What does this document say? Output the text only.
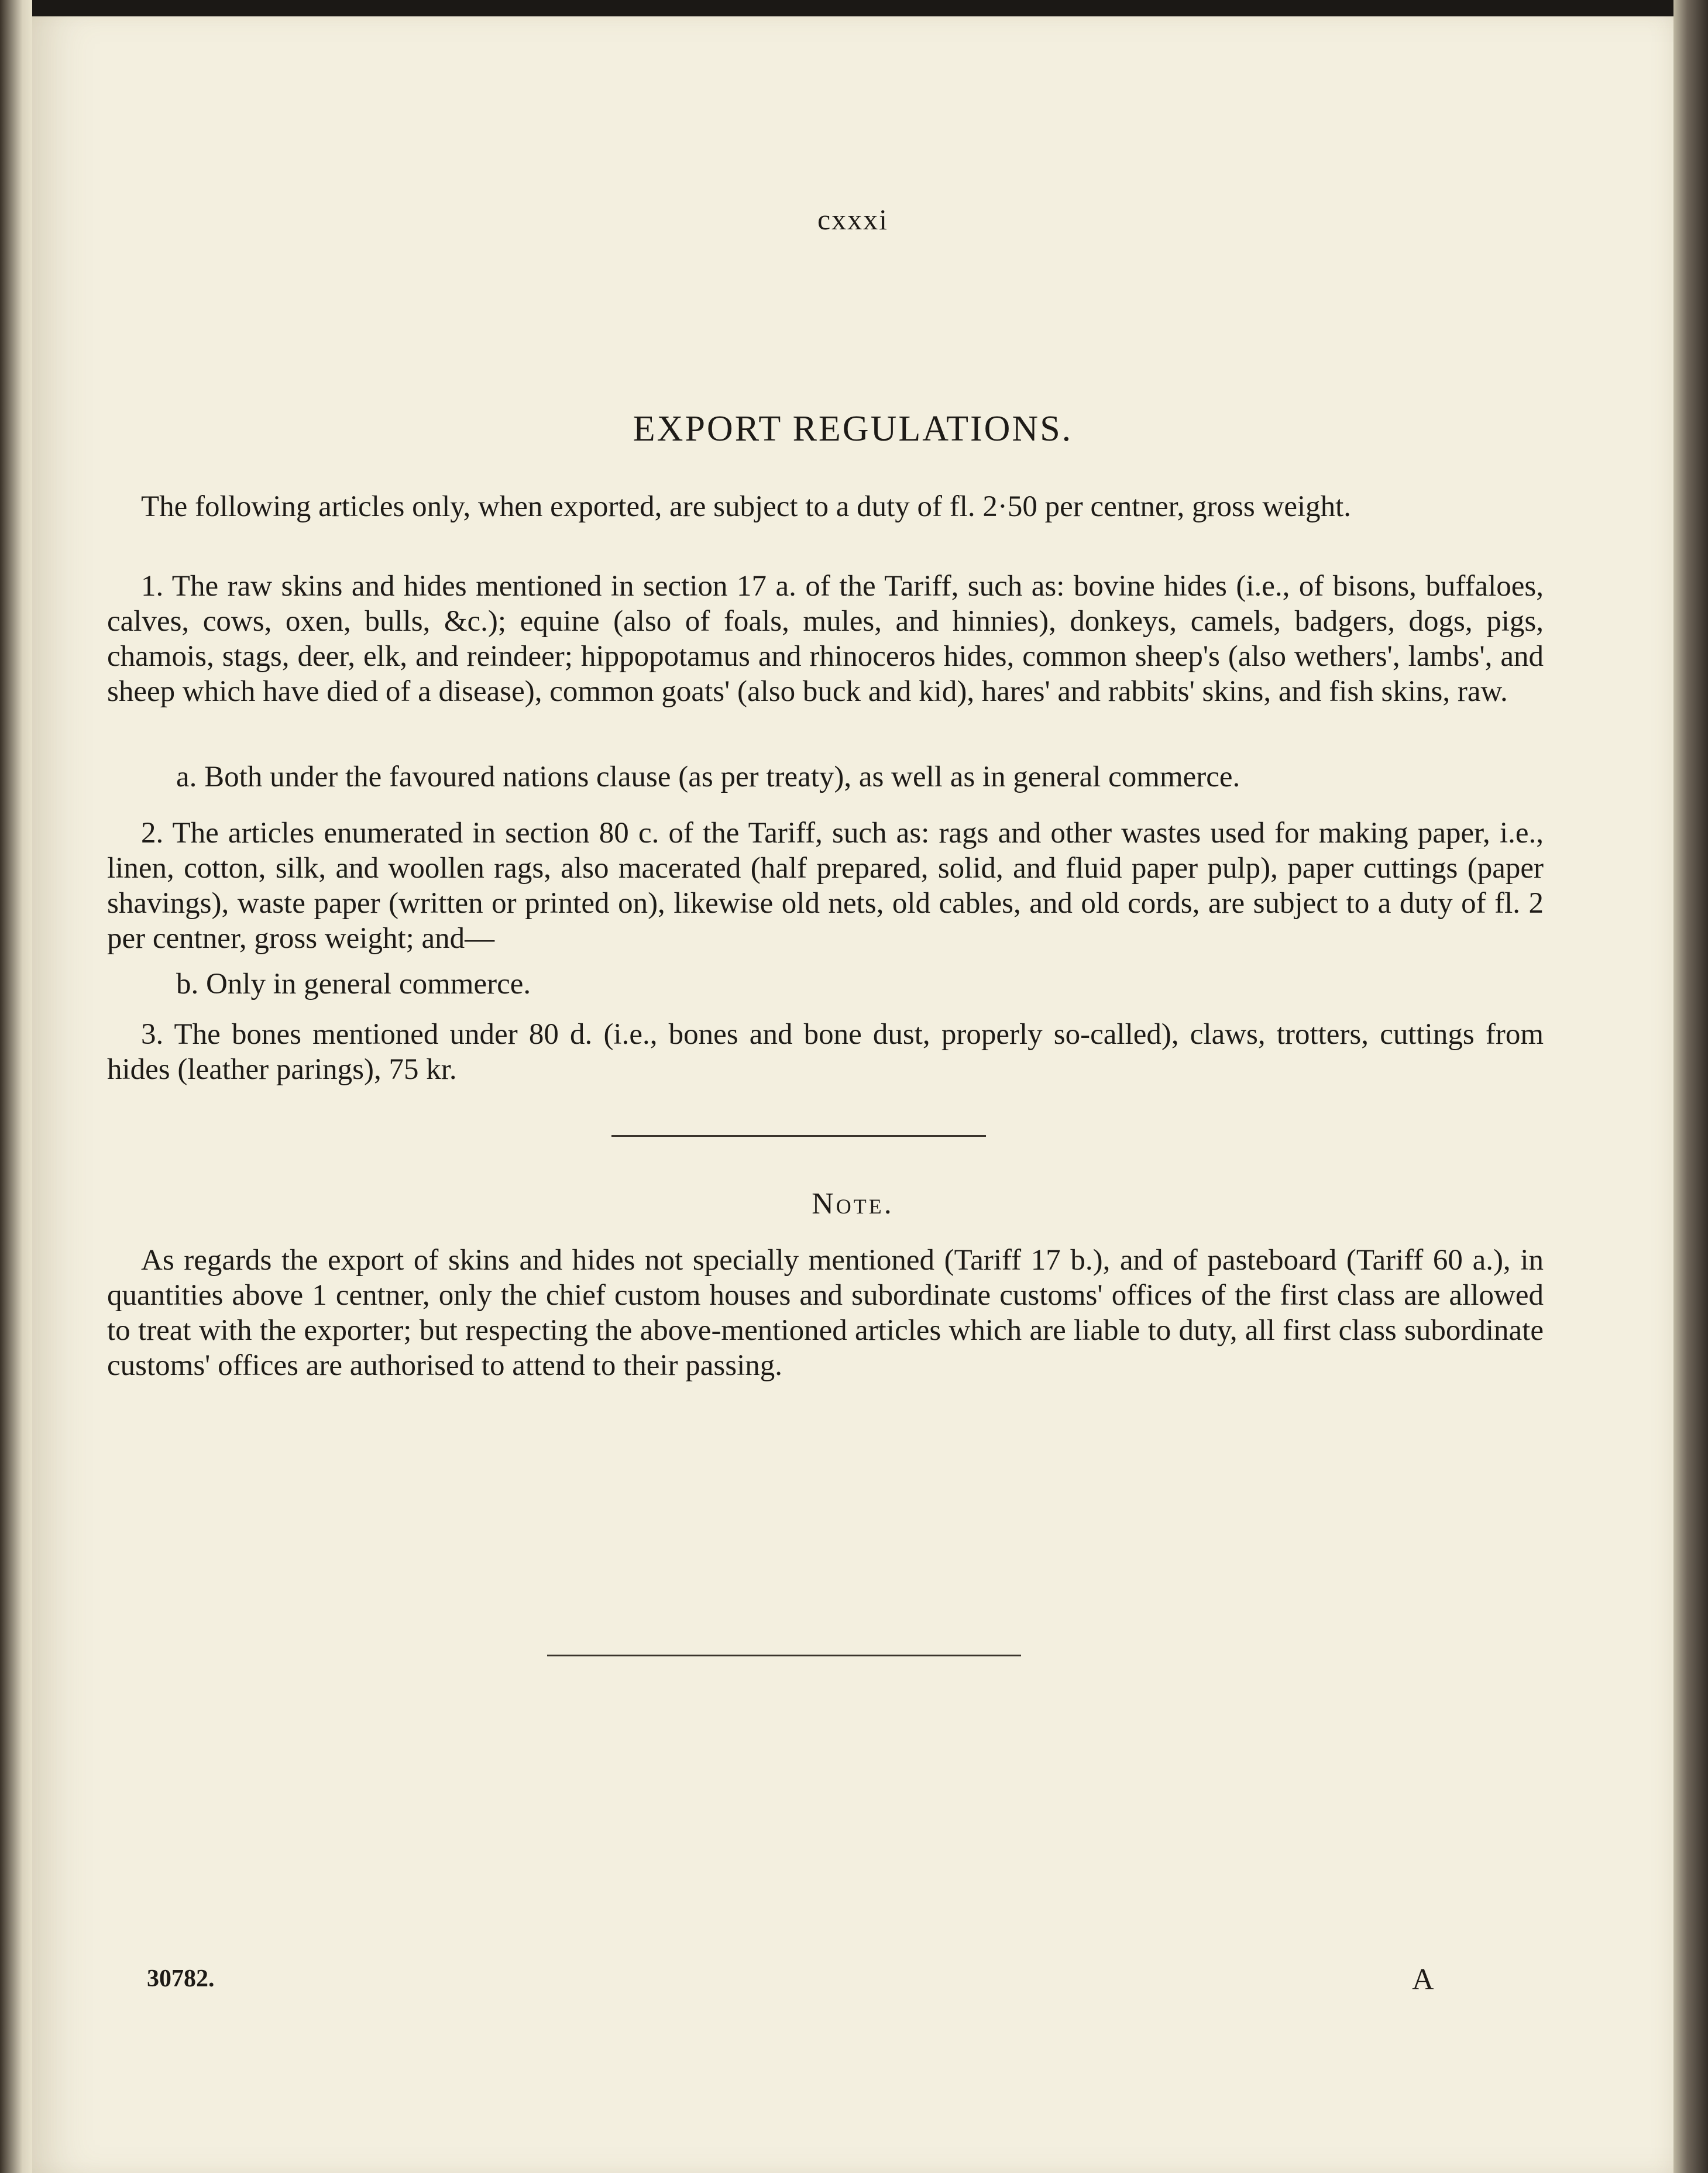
cxxxi
EXPORT REGULATIONS.

The following articles only, when exported, are subject to a duty of fl. 2·50 per centner, gross weight.

1. The raw skins and hides mentioned in section 17 a. of the Tariff, such as: bovine hides (i.e., of bisons, buffaloes, calves, cows, oxen, bulls, &c.); equine (also of foals, mules, and hinnies), donkeys, camels, badgers, dogs, pigs, chamois, stags, deer, elk, and reindeer; hippopotamus and rhinoceros hides, common sheep's (also wethers', lambs', and sheep which have died of a disease), common goats' (also buck and kid), hares' and rabbits' skins, and fish skins, raw.

a. Both under the favoured nations clause (as per treaty), as well as in general commerce.

2. The articles enumerated in section 80 c. of the Tariff, such as: rags and other wastes used for making paper, i.e., linen, cotton, silk, and woollen rags, also macerated (half prepared, solid, and fluid paper pulp), paper cuttings (paper shavings), waste paper (written or printed on), likewise old nets, old cables, and old cords, are subject to a duty of fl. 2 per centner, gross weight; and—

b. Only in general commerce.

3. The bones mentioned under 80 d. (i.e., bones and bone dust, properly so-called), claws, trotters, cuttings from hides (leather parings), 75 kr.

Note.

As regards the export of skins and hides not specially mentioned (Tariff 17 b.), and of pasteboard (Tariff 60 a.), in quantities above 1 centner, only the chief custom houses and subordinate customs' offices of the first class are allowed to treat with the exporter; but respecting the above-mentioned articles which are liable to duty, all first class subordinate customs' offices are authorised to attend to their passing.

30782.	A
